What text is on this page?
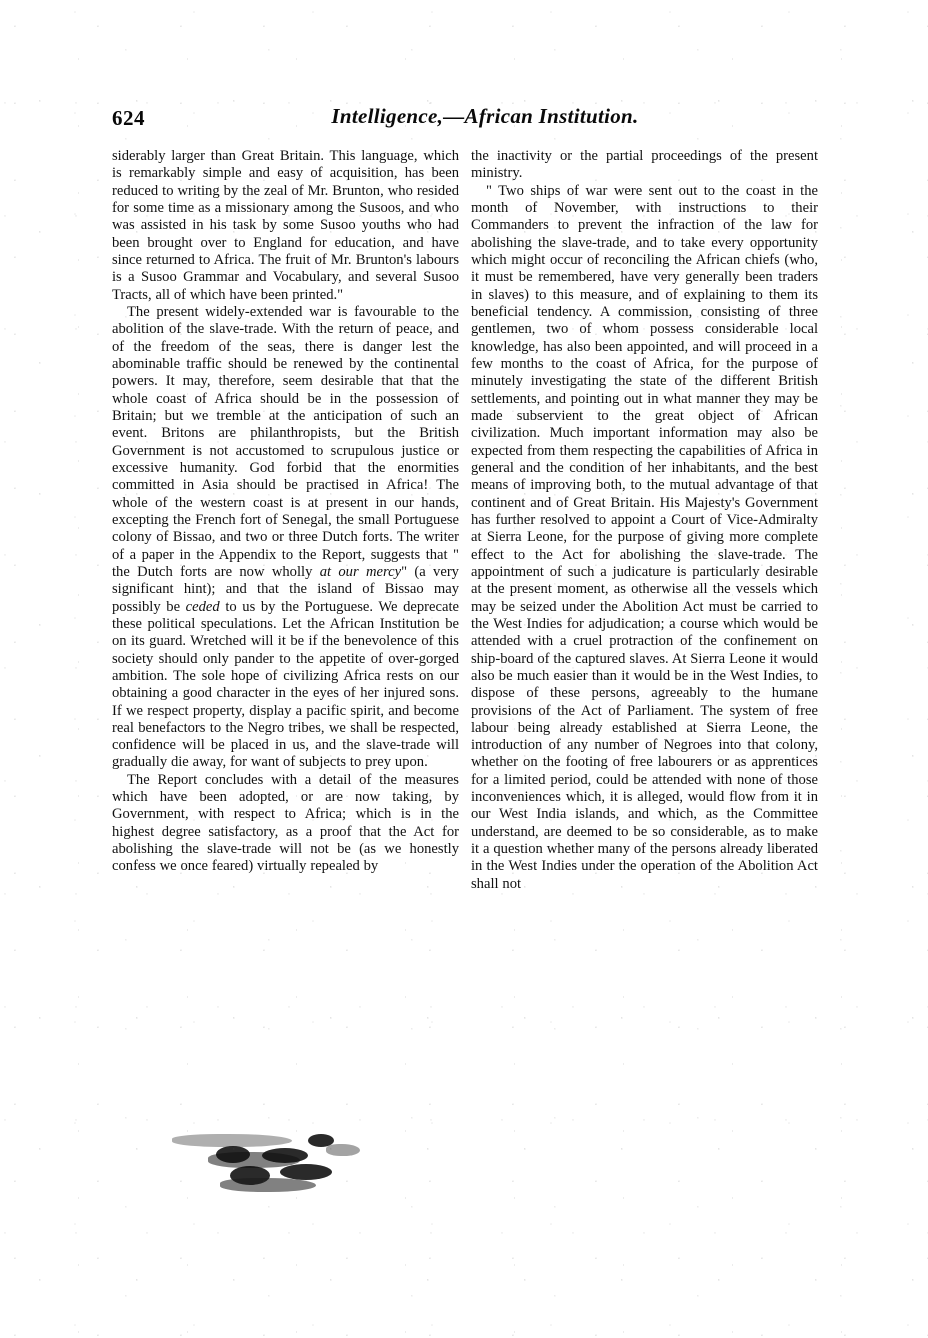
624	Intelligence,—African Institution.

siderably larger than Great Britain. This language, which is remarkably simple and easy of acquisition, has been reduced to writing by the zeal of Mr. Brunton, who resided for some time as a missionary among the Susoos, and who was assisted in his task by some Susoo youths who had been brought over to England for education, and have since returned to Africa. The fruit of Mr. Brunton's labours is a Susoo Grammar and Vocabulary, and several Susoo Tracts, all of which have been printed."

The present widely-extended war is favourable to the abolition of the slave-trade. With the return of peace, and of the freedom of the seas, there is danger lest the abominable traffic should be renewed by the continental powers. It may, therefore, seem desirable that that the whole coast of Africa should be in the possession of Britain; but we tremble at the anticipation of such an event. Britons are philanthropists, but the British Government is not accustomed to scrupulous justice or excessive humanity. God forbid that the enormities committed in Asia should be practised in Africa! The whole of the western coast is at present in our hands, excepting the French fort of Senegal, the small Portuguese colony of Bissao, and two or three Dutch forts. The writer of a paper in the Appendix to the Report, suggests that " the Dutch forts are now wholly at our mercy" (a very significant hint); and that the island of Bissao may possibly be ceded to us by the Portuguese. We deprecate these political speculations. Let the African Institution be on its guard. Wretched will it be if the benevolence of this society should only pander to the appetite of over-gorged ambition. The sole hope of civilizing Africa rests on our obtaining a good character in the eyes of her injured sons. If we respect property, display a pacific spirit, and become real benefactors to the Negro tribes, we shall be respected, confidence will be placed in us, and the slave-trade will gradually die away, for want of subjects to prey upon.

The Report concludes with a detail of the measures which have been adopted, or are now taking, by Government, with respect to Africa; which is in the highest degree satisfactory, as a proof that the Act for abolishing the slave-trade will not be (as we honestly confess we once feared) virtually repealed by

the inactivity or the partial proceedings of the present ministry.

" Two ships of war were sent out to the coast in the month of November, with instructions to their Commanders to prevent the infraction of the law for abolishing the slave-trade, and to take every opportunity which might occur of reconciling the African chiefs (who, it must be remembered, have very generally been traders in slaves) to this measure, and of explaining to them its beneficial tendency. A commission, consisting of three gentlemen, two of whom possess considerable local knowledge, has also been appointed, and will proceed in a few months to the coast of Africa, for the purpose of minutely investigating the state of the different British settlements, and pointing out in what manner they may be made subservient to the great object of African civilization. Much important information may also be expected from them respecting the capabilities of Africa in general and the condition of her inhabitants, and the best means of improving both, to the mutual advantage of that continent and of Great Britain. His Majesty's Government has further resolved to appoint a Court of Vice-Admiralty at Sierra Leone, for the purpose of giving more complete effect to the Act for abolishing the slave-trade. The appointment of such a judicature is particularly desirable at the present moment, as otherwise all the vessels which may be seized under the Abolition Act must be carried to the West Indies for adjudication; a course which would be attended with a cruel protraction of the confinement on ship-board of the captured slaves. At Sierra Leone it would also be much easier than it would be in the West Indies, to dispose of these persons, agreeably to the humane provisions of the Act of Parliament. The system of free labour being already established at Sierra Leone, the introduction of any number of Negroes into that colony, whether on the footing of free labourers or as apprentices for a limited period, could be attended with none of those inconveniences which, it is alleged, would flow from it in our West India islands, and which, as the Committee understand, are deemed to be so considerable, as to make it a question whether many of the persons already liberated in the West Indies under the operation of the Abolition Act shall not
